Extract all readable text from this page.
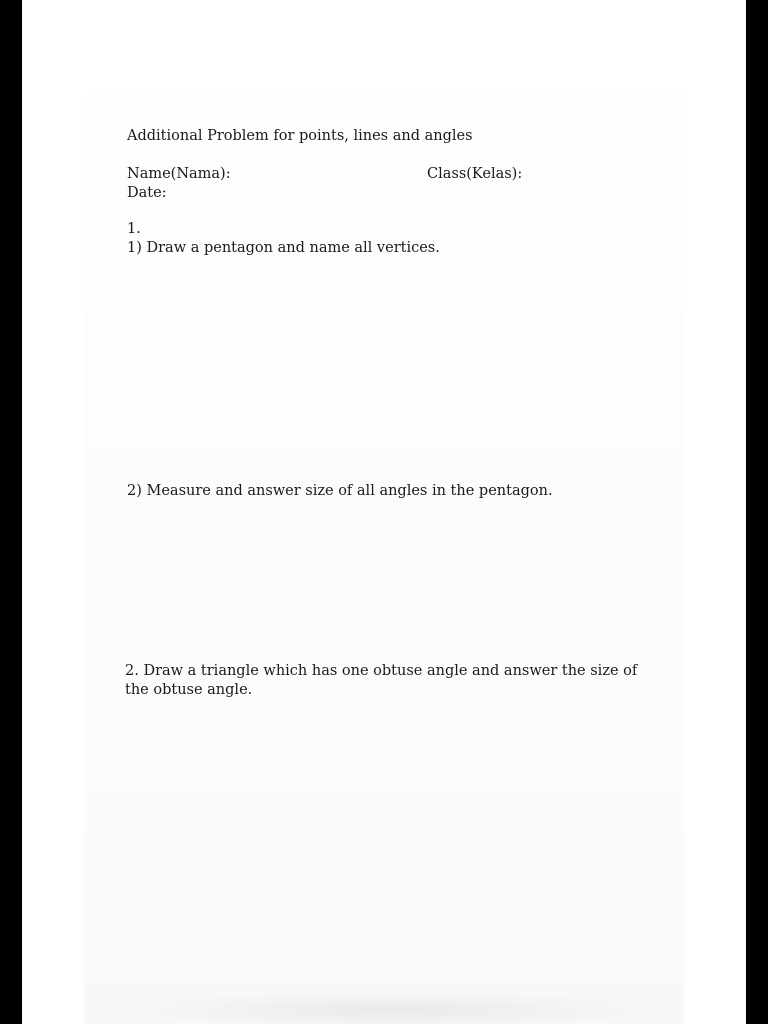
Additional Problem for points, lines and angles
Name(Nama):	Class(Kelas):
Date:
1.
1) Draw a pentagon and name all vertices.
2) Measure and answer size of all angles in the pentagon.
2. Draw a triangle which has one obtuse angle and answer the size of the obtuse angle.
